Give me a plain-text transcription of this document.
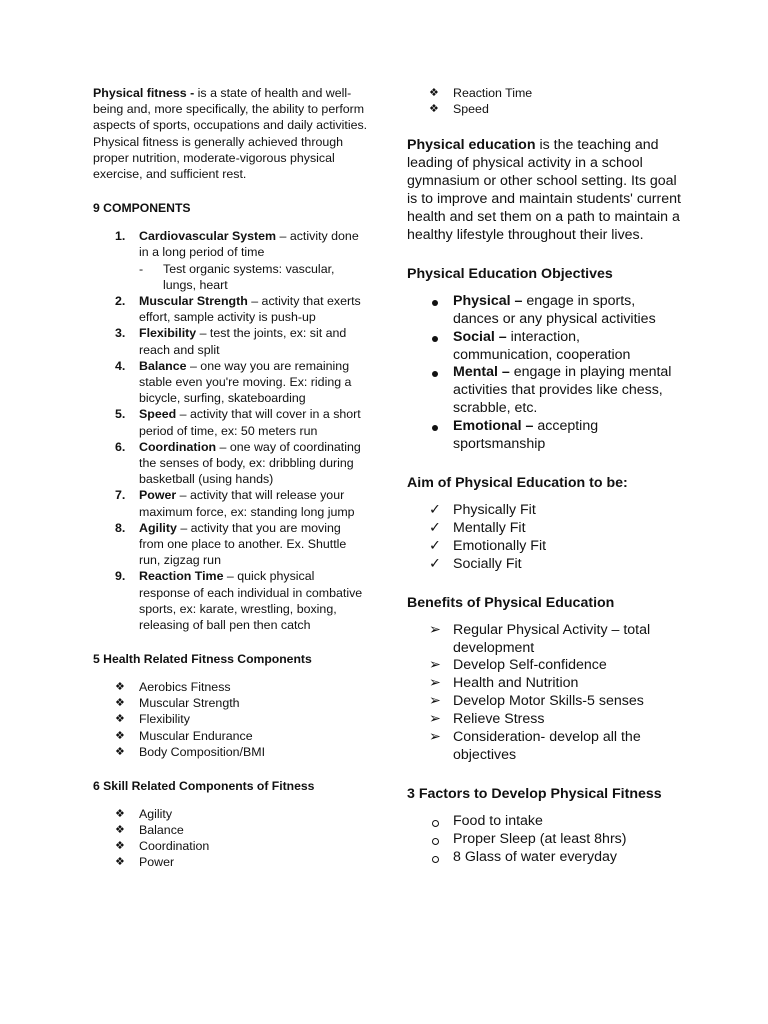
Physical fitness - is a state of health and well-being and, more specifically, the ability to perform aspects of sports, occupations and daily activities. Physical fitness is generally achieved through proper nutrition, moderate-vigorous physical exercise, and sufficient rest.

9 COMPONENTS
1. Cardiovascular System – activity done in a long period of time
- Test organic systems: vascular, lungs, heart
2. Muscular Strength – activity that exerts effort, sample activity is push-up
3. Flexibility – test the joints, ex: sit and reach and split
4. Balance – one way you are remaining stable even you're moving. Ex: riding a bicycle, surfing, skateboarding
5. Speed – activity that will cover in a short period of time, ex: 50 meters run
6. Coordination – one way of coordinating the senses of body, ex: dribbling during basketball (using hands)
7. Power – activity that will release your maximum force, ex: standing long jump
8. Agility – activity that you are moving from one place to another. Ex. Shuttle run, zigzag run
9. Reaction Time – quick physical response of each individual in combative sports, ex: karate, wrestling, boxing, releasing of ball pen then catch
5 Health Related Fitness Components
❖ Aerobics Fitness
❖ Muscular Strength
❖ Flexibility
❖ Muscular Endurance
❖ Body Composition/BMI
6 Skill Related Components of Fitness
❖ Agility
❖ Balance
❖ Coordination
❖ Power
❖ Reaction Time
❖ Speed

Physical education is the teaching and leading of physical activity in a school gymnasium or other school setting. Its goal is to improve and maintain students' current health and set them on a path to maintain a healthy lifestyle throughout their lives.

Physical Education Objectives
Physical – engage in sports, dances or any physical activities
Social – interaction, communication, cooperation
Mental – engage in playing mental activities that provides like chess, scrabble, etc.
Emotional – accepting sportsmanship
Aim of Physical Education to be:
✓ Physically Fit
✓ Mentally Fit
✓ Emotionally Fit
✓ Socially Fit
Benefits of Physical Education
➢ Regular Physical Activity – total development
➢ Develop Self-confidence
➢ Health and Nutrition
➢ Develop Motor Skills-5 senses
➢ Relieve Stress
➢ Consideration- develop all the objectives
3 Factors to Develop Physical Fitness
Food to intake
Proper Sleep (at least 8hrs)
8 Glass of water everyday
